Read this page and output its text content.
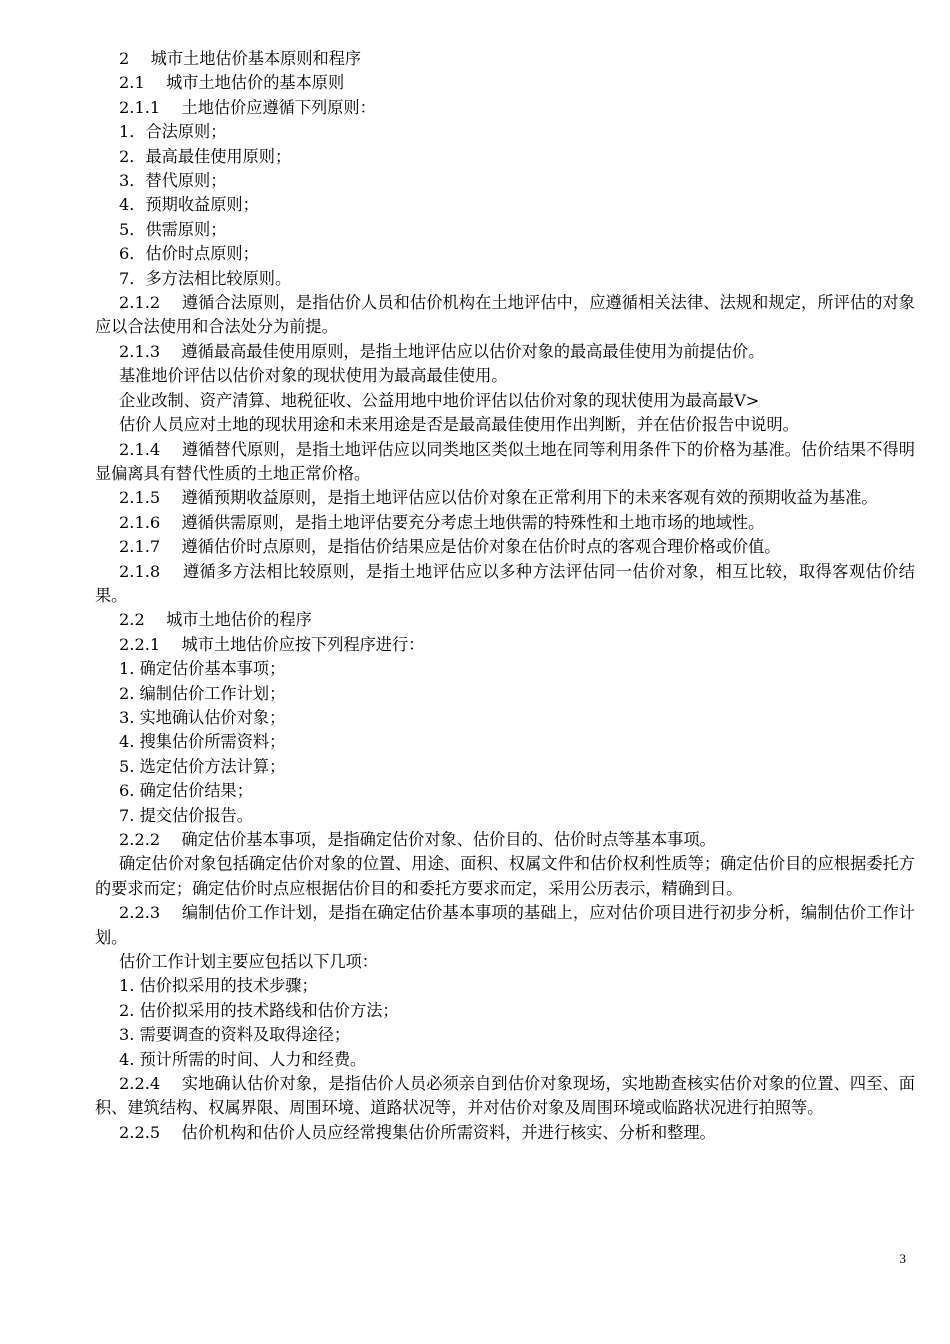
2　 城市土地估价基本原则和程序

2.1　 城市土地估价的基本原则

2.1.1　 土地估价应遵循下列原则：

1．合法原则；

2．最高最佳使用原则；

3．替代原则；

4．预期收益原则；

5．供需原则；

6．估价时点原则；

7．多方法相比较原则。

2.1.2　 遵循合法原则，是指估价人员和估价机构在土地评估中，应遵循相关法律、法规和规定，所评估的对象应以合法使用和合法处分为前提。

2.1.3　 遵循最高最佳使用原则，是指土地评估应以估价对象的最高最佳使用为前提估价。

基准地价评估以估价对象的现状使用为最高最佳使用。

企业改制、资产清算、地税征收、公益用地中地价评估以估价对象的现状使用为最高最V>

估价人员应对土地的现状用途和未来用途是否是最高最佳使用作出判断，并在估价报告中说明。

2.1.4　 遵循替代原则，是指土地评估应以同类地区类似土地在同等利用条件下的价格为基准。估价结果不得明显偏离具有替代性质的土地正常价格。

2.1.5　 遵循预期收益原则，是指土地评估应以估价对象在正常利用下的未来客观有效的预期收益为基准。

2.1.6　 遵循供需原则，是指土地评估要充分考虑土地供需的特殊性和土地市场的地域性。

2.1.7　 遵循估价时点原则，是指估价结果应是估价对象在估价时点的客观合理价格或价值。

2.1.8　 遵循多方法相比较原则，是指土地评估应以多种方法评估同一估价对象，相互比较，取得客观估价结果。

2.2　 城市土地估价的程序

2.2.1　 城市土地估价应按下列程序进行：

1. 确定估价基本事项；

2. 编制估价工作计划；

3. 实地确认估价对象；

4. 搜集估价所需资料；

5. 选定估价方法计算；

6. 确定估价结果；

7. 提交估价报告。

2.2.2　 确定估价基本事项，是指确定估价对象、估价目的、估价时点等基本事项。

确定估价对象包括确定估价对象的位置、用途、面积、权属文件和估价权利性质等；确定估价目的应根据委托方的要求而定；确定估价时点应根据估价目的和委托方要求而定，采用公历表示，精确到日。

2.2.3　 编制估价工作计划，是指在确定估价基本事项的基础上，应对估价项目进行初步分析，编制估价工作计划。

估价工作计划主要应包括以下几项：

1. 估价拟采用的技术步骤；

2. 估价拟采用的技术路线和估价方法；

3. 需要调查的资料及取得途径；

4. 预计所需的时间、人力和经费。

2.2.4　 实地确认估价对象，是指估价人员必须亲自到估价对象现场，实地勘查核实估价对象的位置、四至、面积、建筑结构、权属界限、周围环境、道路状况等，并对估价对象及周围环境或临路状况进行拍照等。

2.2.5　 估价机构和估价人员应经常搜集估价所需资料，并进行核实、分析和整理。

3
